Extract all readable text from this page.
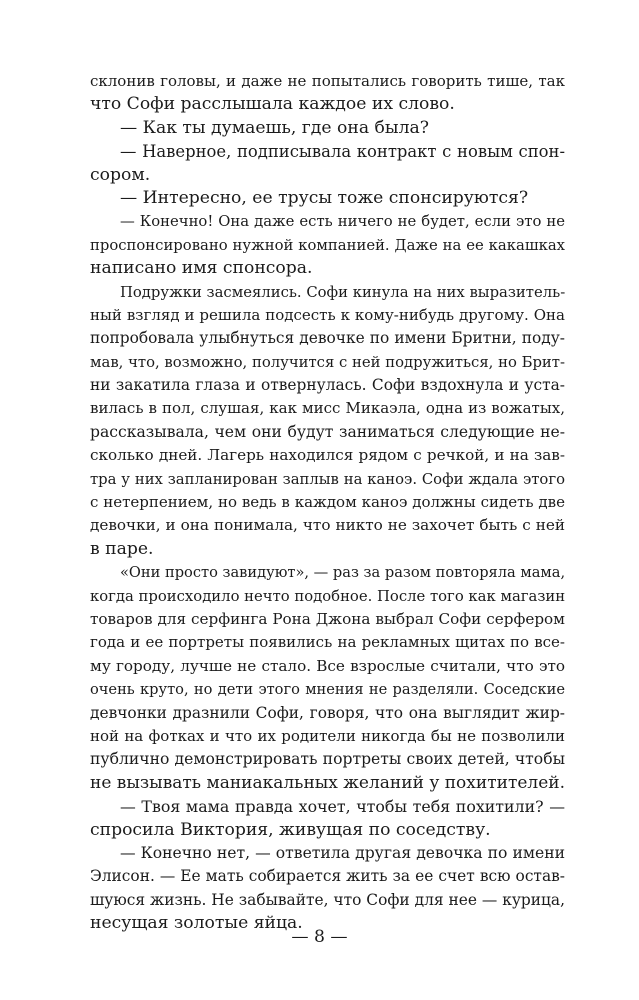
склонив головы, и даже не попытались говорить тише, так
что Софи расслышала каждое их слово.
— Как ты думаешь, где она была?
— Наверное, подписывала контракт с новым спон-
сором.
— Интересно, ее трусы тоже спонсируются?
— Конечно! Она даже есть ничего не будет, если это не
проспонсировано нужной компанией. Даже на ее какашках
написано имя спонсора.
Подружки засмеялись. Софи кинула на них выразитель-
ный взгляд и решила подсесть к кому-нибудь другому. Она
попробовала улыбнуться девочке по имени Бритни, поду-
мав, что, возможно, получится с ней подружиться, но Брит-
ни закатила глаза и отвернулась. Софи вздохнула и уста-
вилась в пол, слушая, как мисс Микаэла, одна из вожатых,
рассказывала, чем они будут заниматься следующие не-
сколько дней. Лагерь находился рядом с речкой, и на зав-
тра у них запланирован заплыв на каноэ. Софи ждала этого
с нетерпением, но ведь в каждом каноэ должны сидеть две
девочки, и она понимала, что никто не захочет быть с ней
в паре.
«Они просто завидуют», — раз за разом повторяла мама,
когда происходило нечто подобное. После того как магазин
товаров для серфинга Рона Джона выбрал Софи серфером
года и ее портреты появились на рекламных щитах по все-
му городу, лучше не стало. Все взрослые считали, что это
очень круто, но дети этого мнения не разделяли. Соседские
девчонки дразнили Софи, говоря, что она выглядит жир-
ной на фотках и что их родители никогда бы не позволили
публично демонстрировать портреты своих детей, чтобы
не вызывать маниакальных желаний у похитителей.
— Твоя мама правда хочет, чтобы тебя похитили? —
спросила Виктория, живущая по соседству.
— Конечно нет, — ответила другая девочка по имени
Элисон. — Ее мать собирается жить за ее счет всю остав-
шуюся жизнь. Не забывайте, что Софи для нее — курица,
несущая золотые яйца.
— 8 —
